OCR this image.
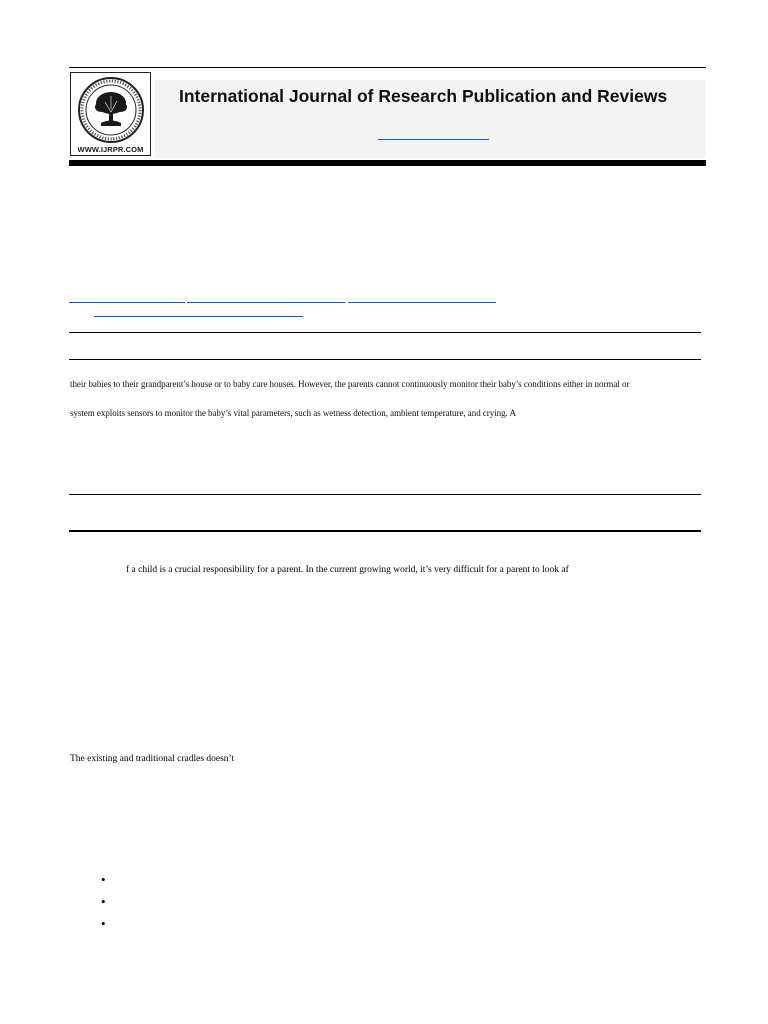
WWW.IJRPR.COM
International Journal of Research Publication and Reviews
their babies to their grandparent’s house or to baby care houses. However, the parents cannot continuously monitor their baby’s conditions either in normal or
system exploits sensors to monitor the baby’s vital parameters, such as wetness detection, ambient temperature, and crying. A
f a child is a crucial responsibility for a parent. In the current growing world, it’s very difficult for a parent to look af
The existing and traditional cradles doesn’t
•
•
•
